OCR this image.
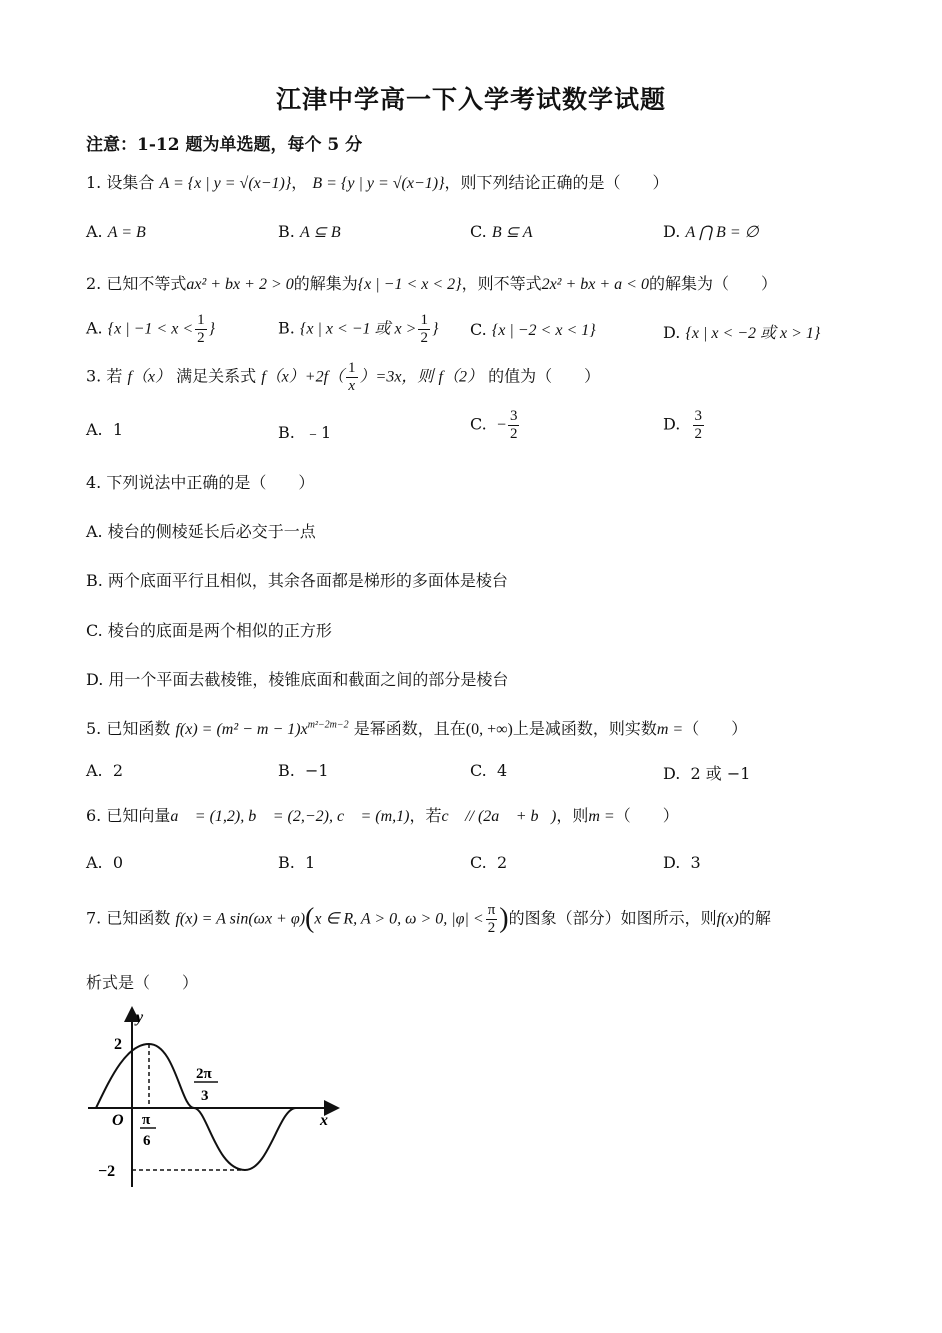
江津中学高一下入学考试数学试题
注意：1-12 题为单选题，每个 5 分
1. 设集合 A = {x | y = √(x−1)}， B = {y | y = √(x−1)}，则下列结论正确的是（　　）
A. A = B	B. A ⊆ B	C. B ⊆ A	D. A ⋂ B = ∅
2. 已知不等式ax² + bx + 2 > 0的解集为{x | −1 < x < 2}，则不等式2x² + bx + a < 0的解集为（　　）
A. {x | $-1 < x < \frac{1}{2}$ }	B. {x | x < −1 或 $x > \frac{1}{2}$ } C. {x | −2 < x < 1}	D. {x | x < −2 或 x > 1}
3. 若 f（x） 满足关系式 $f(x)+2f( \frac{1}{x} )=3x$，则 f（2） 的值为（　　）
A. 1	B. ﹣1	C. − $\frac{3}{2}$	D. $\frac{3}{2}$
4. 下列说法中正确的是（　　）
A. 棱台的侧棱延长后必交于一点
B. 两个底面平行且相似，其余各面都是梯形的多面体是棱台
C. 棱台的底面是两个相似的正方形
D. 用一个平面去截棱锥，棱锥底面和截面之间的部分是棱台
5. 已知函数 $f(x) = (m^2 - m - 1)x^{m^2-2m-2}$ 是幂函数，且在(0, +∞)上是减函数，则实数m =（　　）
A. 2	B. −1	C. 4	D. 2 或 −1
6. 已知向量a⃗ = (1,2), b⃗ = (2,−2), c⃗ = (m,1)，若c⃗ // (2a⃗ + b⃗)，则m =（　　）
A. 0	B. 1	C. 2	D. 3
7. 已知函数 f(x) = A sin(ωx + φ)(x ∈ R, A > 0, ω > 0, $|\varphi| < \frac{\pi}{2}$ )的图象（部分）如图所示，则f(x)的解
析式是（　　）
y
x
O
2
−2
π
6
2π
3
